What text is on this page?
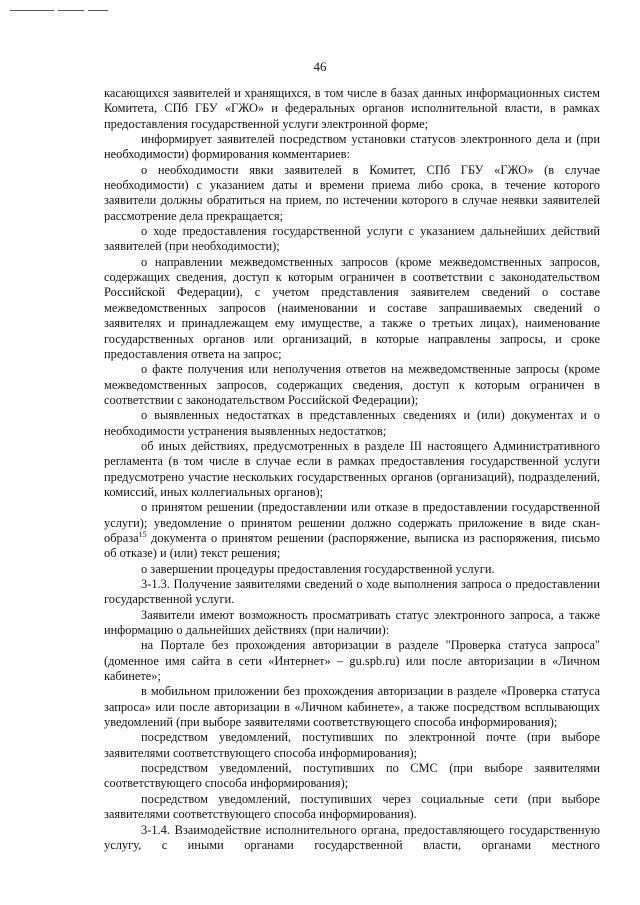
46

касающихся заявителей и хранящихся, в том числе в базах данных информационных систем Комитета, СПб ГБУ «ГЖО» и федеральных органов исполнительной власти, в рамках предоставления государственной услуги электронной форме;

информирует заявителей посредством установки статусов электронного дела и (при необходимости) формирования комментариев:

о необходимости явки заявителей в Комитет, СПб ГБУ «ГЖО» (в случае необходимости) с указанием даты и времени приема либо срока, в течение которого заявители должны обратиться на прием, по истечении которого в случае неявки заявителей рассмотрение дела прекращается;

о ходе предоставления государственной услуги с указанием дальнейших действий заявителей (при необходимости);

о направлении межведомственных запросов (кроме межведомственных запросов, содержащих сведения, доступ к которым ограничен в соответствии с законодательством Российской Федерации), с учетом представления заявителем сведений о составе межведомственных запросов (наименовании и составе запрашиваемых сведений о заявителях и принадлежащем ему имуществе, а также о третьих лицах), наименование государственных органов или организаций, в которые направлены запросы, и сроке предоставления ответа на запрос;

о факте получения или неполучения ответов на межведомственные запросы (кроме межведомственных запросов, содержащих сведения, доступ к которым ограничен в соответствии с законодательством Российской Федерации);

о выявленных недостатках в представленных сведениях и (или) документах и о необходимости устранения выявленных недостатков;

об иных действиях, предусмотренных в разделе III настоящего Административного регламента (в том числе в случае если в рамках предоставления государственной услуги предусмотрено участие нескольких государственных органов (организаций), подразделений, комиссий, иных коллегиальных органов);

о принятом решении (предоставлении или отказе в предоставлении государственной услуги); уведомление о принятом решении должно содержать приложение в виде скан-образа$^{15}$ документа о принятом решении (распоряжение, выписка из распоряжения, письмо об отказе) и (или) текст решения;

о завершении процедуры предоставления государственной услуги.

3-1.3. Получение заявителями сведений о ходе выполнения запроса о предоставлении государственной услуги.

Заявители имеют возможность просматривать статус электронного запроса, а также информацию о дальнейших действиях (при наличии):

на Портале без прохождения авторизации в разделе "Проверка статуса запроса" (доменное имя сайта в сети «Интернет» – gu.spb.ru) или после авторизации в «Личном кабинете»;

в мобильном приложении без прохождения авторизации в разделе «Проверка статуса запроса» или после авторизации в «Личном кабинете», а также посредством всплывающих уведомлений (при выборе заявителями соответствующего способа информирования);

посредством уведомлений, поступивших по электронной почте (при выборе заявителями соответствующего способа информирования);

посредством уведомлений, поступивших по СМС (при выборе заявителями соответствующего способа информирования);

посредством уведомлений, поступивших через социальные сети (при выборе заявителями соответствующего способа информирования).

3-1.4. Взаимодействие исполнительного органа, предоставляющего государственную услугу, с иными органами государственной власти, органами местного
